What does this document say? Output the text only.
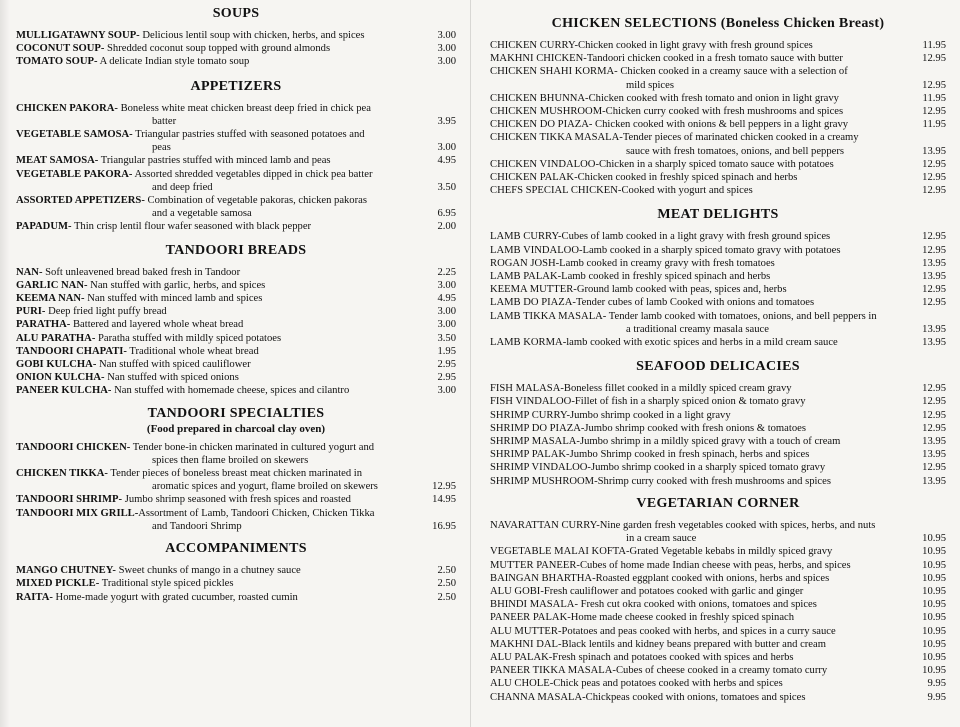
SOUPS
MULLIGATAWNY SOUP- Delicious lentil soup with chicken, herbs, and spices	3.00
COCONUT SOUP- Shredded coconut soup topped with ground almonds	3.00
TOMATO SOUP- A delicate Indian style tomato soup	3.00
APPETIZERS
CHICKEN PAKORA- Boneless white meat chicken breast deep fried in chick pea
batter	3.95
VEGETABLE SAMOSA- Triangular pastries stuffed with seasoned potatoes and
peas	3.00
MEAT SAMOSA- Triangular pastries stuffed with minced lamb and peas	4.95
VEGETABLE PAKORA- Assorted shredded vegetables dipped in chick pea batter
and deep fried	3.50
ASSORTED APPETIZERS- Combination of vegetable pakoras, chicken pakoras
and a vegetable samosa	6.95
PAPADUM- Thin crisp lentil flour wafer seasoned with black pepper	2.00
TANDOORI BREADS
NAN- Soft unleavened bread baked fresh in Tandoor	2.25
GARLIC NAN- Nan stuffed with garlic, herbs, and spices	3.00
KEEMA NAN- Nan stuffed with minced lamb and spices	4.95
PURI- Deep fried light puffy bread	3.00
PARATHA- Battered and layered whole wheat bread	3.00
ALU PARATHA- Paratha stuffed with mildly spiced potatoes	3.50
TANDOORI CHAPATI- Traditional whole wheat bread	1.95
GOBI KULCHA- Nan stuffed with spiced cauliflower	2.95
ONION KULCHA- Nan stuffed with spiced onions	2.95
PANEER KULCHA- Nan stuffed with homemade cheese, spices and cilantro	3.00
TANDOORI SPECIALTIES
(Food prepared in charcoal clay oven)
TANDOORI CHICKEN- Tender bone-in chicken marinated in cultured yogurt and
spices then flame broiled on skewers
CHICKEN TIKKA- Tender pieces of boneless breast meat chicken marinated in
aromatic spices and yogurt, flame broiled on skewers	12.95
TANDOORI SHRIMP- Jumbo shrimp seasoned with fresh spices and roasted	14.95
TANDOORI MIX GRILL-Assortment of Lamb, Tandoori Chicken, Chicken Tikka
and Tandoori Shrimp	16.95
ACCOMPANIMENTS
MANGO CHUTNEY- Sweet chunks of mango in a chutney sauce	2.50
MIXED PICKLE- Traditional style spiced pickles	2.50
RAITA- Home-made yogurt with grated cucumber, roasted cumin	2.50
CHICKEN SELECTIONS (Boneless Chicken Breast)
CHICKEN CURRY-Chicken cooked in light gravy with fresh ground spices	11.95
MAKHNI CHICKEN-Tandoori chicken cooked in a fresh tomato sauce with butter	12.95
CHICKEN SHAHI KORMA- Chicken cooked in a creamy sauce with a selection of
mild spices	12.95
CHICKEN BHUNNA-Chicken cooked with fresh tomato and onion in light gravy	11.95
CHICKEN MUSHROOM-Chicken curry cooked with fresh mushrooms and spices	12.95
CHICKEN DO PIAZA- Chicken cooked with onions & bell peppers in a light gravy	11.95
CHICKEN TIKKA MASALA-Tender pieces of marinated chicken cooked in a creamy
sauce with fresh tomatoes, onions, and bell peppers	13.95
CHICKEN VINDALOO-Chicken in a sharply spiced tomato sauce with potatoes	12.95
CHICKEN PALAK-Chicken cooked in freshly spiced spinach and herbs	12.95
CHEFS SPECIAL CHICKEN-Cooked with yogurt and spices	12.95
MEAT DELIGHTS
LAMB CURRY-Cubes of lamb cooked in a light gravy with fresh ground spices	12.95
LAMB VINDALOO-Lamb cooked in a sharply spiced tomato gravy with potatoes	12.95
ROGAN JOSH-Lamb cooked in creamy gravy with fresh tomatoes	13.95
LAMB PALAK-Lamb cooked in freshly spiced spinach and herbs	13.95
KEEMA MUTTER-Ground lamb cooked with peas, spices and, herbs	12.95
LAMB DO PIAZA-Tender cubes of lamb Cooked with onions and tomatoes	12.95
LAMB TIKKA MASALA- Tender lamb cooked with tomatoes, onions, and bell peppers in
a traditional creamy masala sauce	13.95
LAMB KORMA-lamb cooked with exotic spices and herbs in a mild cream sauce	13.95
SEAFOOD DELICACIES
FISH MALASA-Boneless fillet cooked in a mildly spiced cream gravy	12.95
FISH VINDALOO-Fillet of fish in a sharply spiced onion & tomato gravy	12.95
SHRIMP CURRY-Jumbo shrimp cooked in a light gravy	12.95
SHRIMP DO PIAZA-Jumbo shrimp cooked with fresh onions & tomatoes	12.95
SHRIMP MASALA-Jumbo shrimp in a mildly spiced gravy with a touch of cream	13.95
SHRIMP PALAK-Jumbo Shrimp cooked in fresh spinach, herbs and spices	13.95
SHRIMP VINDALOO-Jumbo shrimp cooked in a sharply spiced tomato gravy	12.95
SHRIMP MUSHROOM-Shrimp curry cooked with fresh mushrooms and spices	13.95
VEGETARIAN CORNER
NAVARATTAN CURRY-Nine garden fresh vegetables cooked with spices, herbs, and nuts
in a cream sauce	10.95
VEGETABLE MALAI KOFTA-Grated Vegetable kebabs in mildly spiced gravy	10.95
MUTTER PANEER-Cubes of home made Indian cheese with peas, herbs, and spices	10.95
BAINGAN BHARTHA-Roasted eggplant cooked with onions, herbs and spices	10.95
ALU GOBI-Fresh cauliflower and potatoes cooked with garlic and ginger	10.95
BHINDI MASALA- Fresh cut okra cooked with onions, tomatoes and spices	10.95
PANEER PALAK-Home made cheese cooked in freshly spiced spinach	10.95
ALU MUTTER-Potatoes and peas cooked with herbs, and spices in a curry sauce	10.95
MAKHNI DAL-Black lentils and kidney beans prepared with butter and cream	10.95
ALU PALAK-Fresh spinach and potatoes cooked with spices and herbs	10.95
PANEER TIKKA MASALA-Cubes of cheese cooked in a creamy tomato curry	10.95
ALU CHOLE-Chick peas and potatoes cooked with herbs and spices	9.95
CHANNA MASALA-Chickpeas cooked with onions, tomatoes and spices	9.95
